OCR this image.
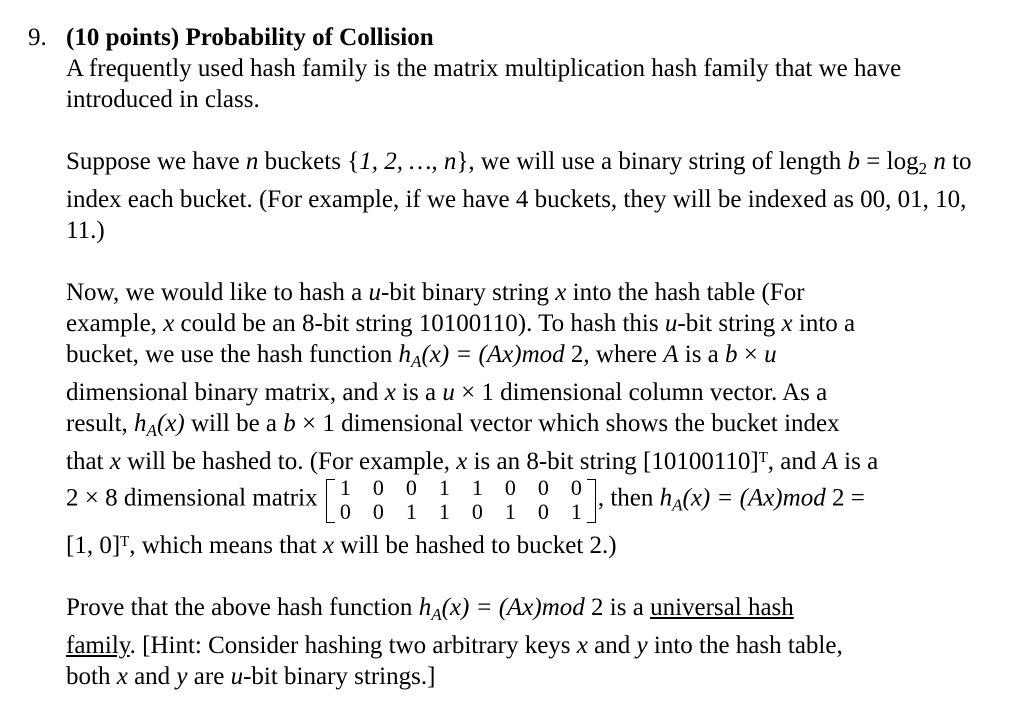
9. (10 points) Probability of Collision

A frequently used hash family is the matrix multiplication hash family that we have introduced in class.

Suppose we have n buckets {1, 2, …, n}, we will use a binary string of length $b = \log_2 n$ to index each bucket. (For example, if we have 4 buckets, they will be indexed as 00, 01, 10, 11.)

Now, we would like to hash a u-bit binary string x into the hash table (For
example, x could be an 8-bit string 10100110). To hash this u-bit string x into a
bucket, we use the hash function $h_A(x) = (Ax)mod$ 2, where A is a b × u
dimensional binary matrix, and x is a u × 1 dimensional column vector. As a
result, $h_A(x)$ will be a b × 1 dimensional vector which shows the bucket index
that x will be hashed to. (For example, x is an 8-bit string [10100110]ᵀ, and A is a
2 × 8 dimensional matrix 1 0 0 1 1 0 0 0
0 0 1 1 0 1 0 1 , then $h_A(x) = (Ax)mod$ 2 =
[1, 0]ᵀ, which means that x will be hashed to bucket 2.)
Prove that the above hash function $h_A(x) = (Ax)mod$ 2 is a universal hash
family. [Hint: Consider hashing two arbitrary keys x and y into the hash table,
both x and y are u-bit binary strings.]
